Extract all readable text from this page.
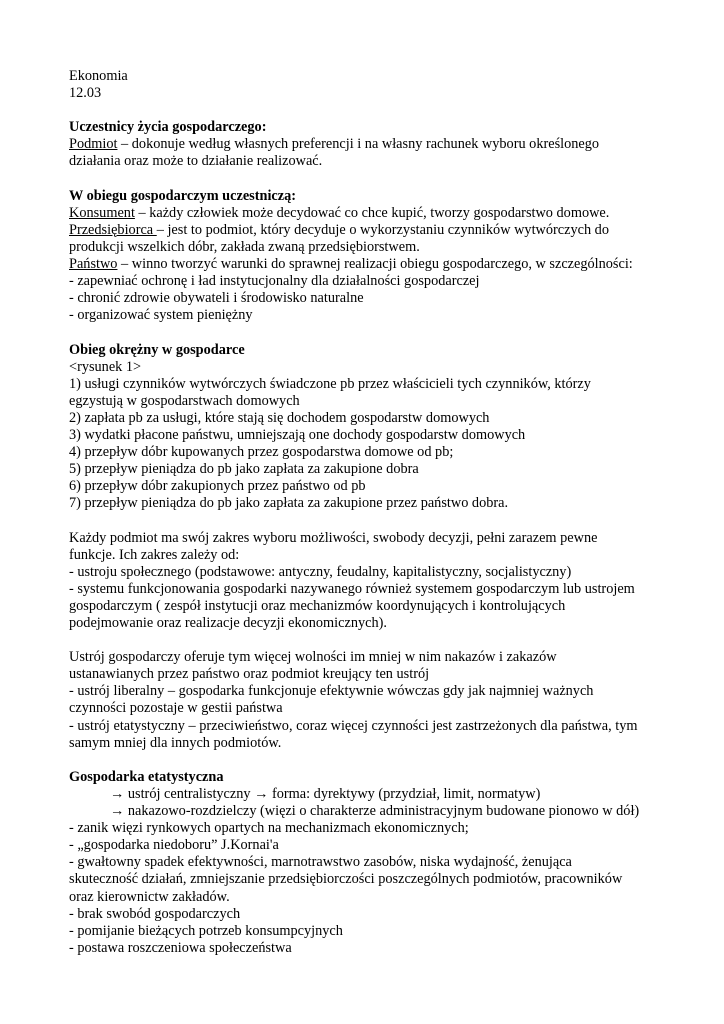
Ekonomia
12.03
Uczestnicy życia gospodarczego:
Podmiot – dokonuje według własnych preferencji i na własny rachunek wyboru określonego
działania oraz może to działanie realizować.
W obiegu gospodarczym uczestniczą:
Konsument – każdy człowiek może decydować co chce kupić, tworzy gospodarstwo domowe.
Przedsiębiorca – jest to podmiot, który decyduje o wykorzystaniu czynników wytwórczych do
produkcji wszelkich dóbr, zakłada zwaną przedsiębiorstwem.
Państwo – winno tworzyć warunki do sprawnej realizacji obiegu gospodarczego, w szczególności:
- zapewniać ochronę i ład instytucjonalny dla działalności gospodarczej
- chronić zdrowie obywateli i środowisko naturalne
- organizować system pieniężny
Obieg okrężny w gospodarce
<rysunek 1>
1) usługi czynników wytwórczych świadczone pb przez właścicieli tych czynników, którzy
egzystują w gospodarstwach domowych
2) zapłata pb za usługi, które stają się dochodem gospodarstw domowych
3) wydatki płacone państwu, umniejszają one dochody gospodarstw domowych
4) przepływ dóbr kupowanych przez gospodarstwa domowe od pb;
5) przepływ pieniądza do pb jako zapłata za zakupione dobra
6) przepływ dóbr zakupionych przez państwo od pb
7) przepływ pieniądza do pb jako zapłata za zakupione przez państwo dobra.
Każdy podmiot ma swój zakres wyboru możliwości, swobody decyzji, pełni zarazem pewne
funkcje. Ich zakres zależy od:
- ustroju społecznego (podstawowe: antyczny, feudalny, kapitalistyczny, socjalistyczny)
- systemu funkcjonowania gospodarki nazywanego również systemem gospodarczym lub ustrojem
gospodarczym ( zespół instytucji oraz mechanizmów koordynujących i kontrolujących
podejmowanie oraz realizacje decyzji ekonomicznych).
Ustrój gospodarczy oferuje tym więcej wolności im mniej w nim nakazów i zakazów
ustanawianych przez państwo oraz podmiot kreujący ten ustrój
- ustrój liberalny – gospodarka funkcjonuje efektywnie wówczas gdy jak najmniej ważnych
czynności pozostaje w gestii państwa
- ustrój etatystyczny – przeciwieństwo, coraz więcej czynności jest zastrzeżonych dla państwa, tym
samym mniej dla innych podmiotów.
Gospodarka etatystyczna
→ ustrój centralistyczny → forma: dyrektywy (przydział, limit, normatyw)
→ nakazowo-rozdzielczy (więzi o charakterze administracyjnym budowane pionowo w dół)
- zanik więzi rynkowych opartych na mechanizmach ekonomicznych;
- „gospodarka niedoboru” J.Kornai'a
- gwałtowny spadek efektywności, marnotrawstwo zasobów, niska wydajność, żenująca
skuteczność działań, zmniejszanie przedsiębiorczości poszczególnych podmiotów, pracowników
oraz kierownictw zakładów.
- brak swobód gospodarczych
- pomijanie bieżących potrzeb konsumpcyjnych
- postawa roszczeniowa społeczeństwa
